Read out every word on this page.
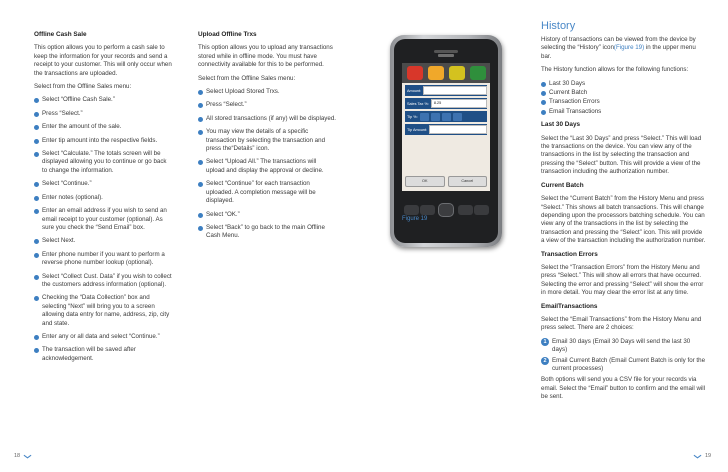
Offline Cash Sale
This option allows you to perform a cash sale to keep the information for your records and send a receipt to your customer. This will only occur when the transactions are uploaded.
Select from the Offline Sales menu:
Select “Offline Cash Sale.”
Press “Select.”
Enter the amount of the sale.
Enter tip amount into the respective fields.
Select “Calculate.” The totals screen will be displayed allowing you to continue or go back to change the information.
Select “Continue.”
Enter notes (optional).
Enter an email address if you wish to send an email receipt to your customer (optional). As sure you check the “Send Email” box.
Select Next.
Enter phone number if you want to perform a reverse phone number lookup (optional).
Select “Collect Cust. Data” if you wish to collect the customers address information (optional).
Checking the “Data Collection” box and selecting “Next” will bring you to a screen allowing data entry for name, address, zip, city and state.
Enter any or all data and select “Continue.”
The transaction will be saved after acknowledgement.
Upload Offline Trxs
This option allows you to upload any transactions stored while in offline mode. You must have connectivity available for this to be performed.
Select from the Offline Sales menu:
Select Upload Stored Trxs.
Press “Select.”
All stored transactions (if any) will be displayed.
You may view the details of a specific transaction by selecting the transaction and press the“Details” icon.
Select “Upload All.” The transactions will upload and display the approval or decline.
Select “Continue” for each transaction uploaded. A completion message will be displayed.
Select “OK.”
Select “Back” to go back to the main Offline Cash Menu.
Amount:
Sales Tax %:	8.25
Tip %:
Tip Amount:
OK	Cancel
Figure 19
History
History of transactions can be viewed from the device by selecting the “History” icon(Figure 19) in the upper menu bar.
The History function allows for the following functions:
Last 30 Days
Current Batch
Transaction Errors
Email Transactions
Last 30 Days
Select the “Last 30 Days” and press “Select.” This will load the transactions on the device. You can view any of the transactions in the list by selecting the transaction and pressing the “Select” button. This will provide a view of the transaction including the authorization number.
Current Batch
Select the “Current Batch” from the History Menu and press “Select.” This shows all batch transactions. This will change depending upon the processors batching schedule. You can view any of the transactions in the list by selecting the transaction and pressing the “Select” icon. This will provide a view of the transaction including the authorization number.
Transaction Errors
Select the “Transaction Errors” from the History Menu and press “Select.” This will show all errors that have occurred. Selecting the error and pressing “Select” will show the error in more detail. You may clear the error list at any time.
EmailTransactions
Select the “Email Transactions” from the History Menu and press select. There are 2 choices:
1 Email 30 days (Email 30 Days will send the last 30 days)
2 Email Current Batch (Email Current Batch is only for the current processes)
Both options will send you a CSV file for your records via email. Select the “Email” button to confirm and the email will be sent.
18	19
